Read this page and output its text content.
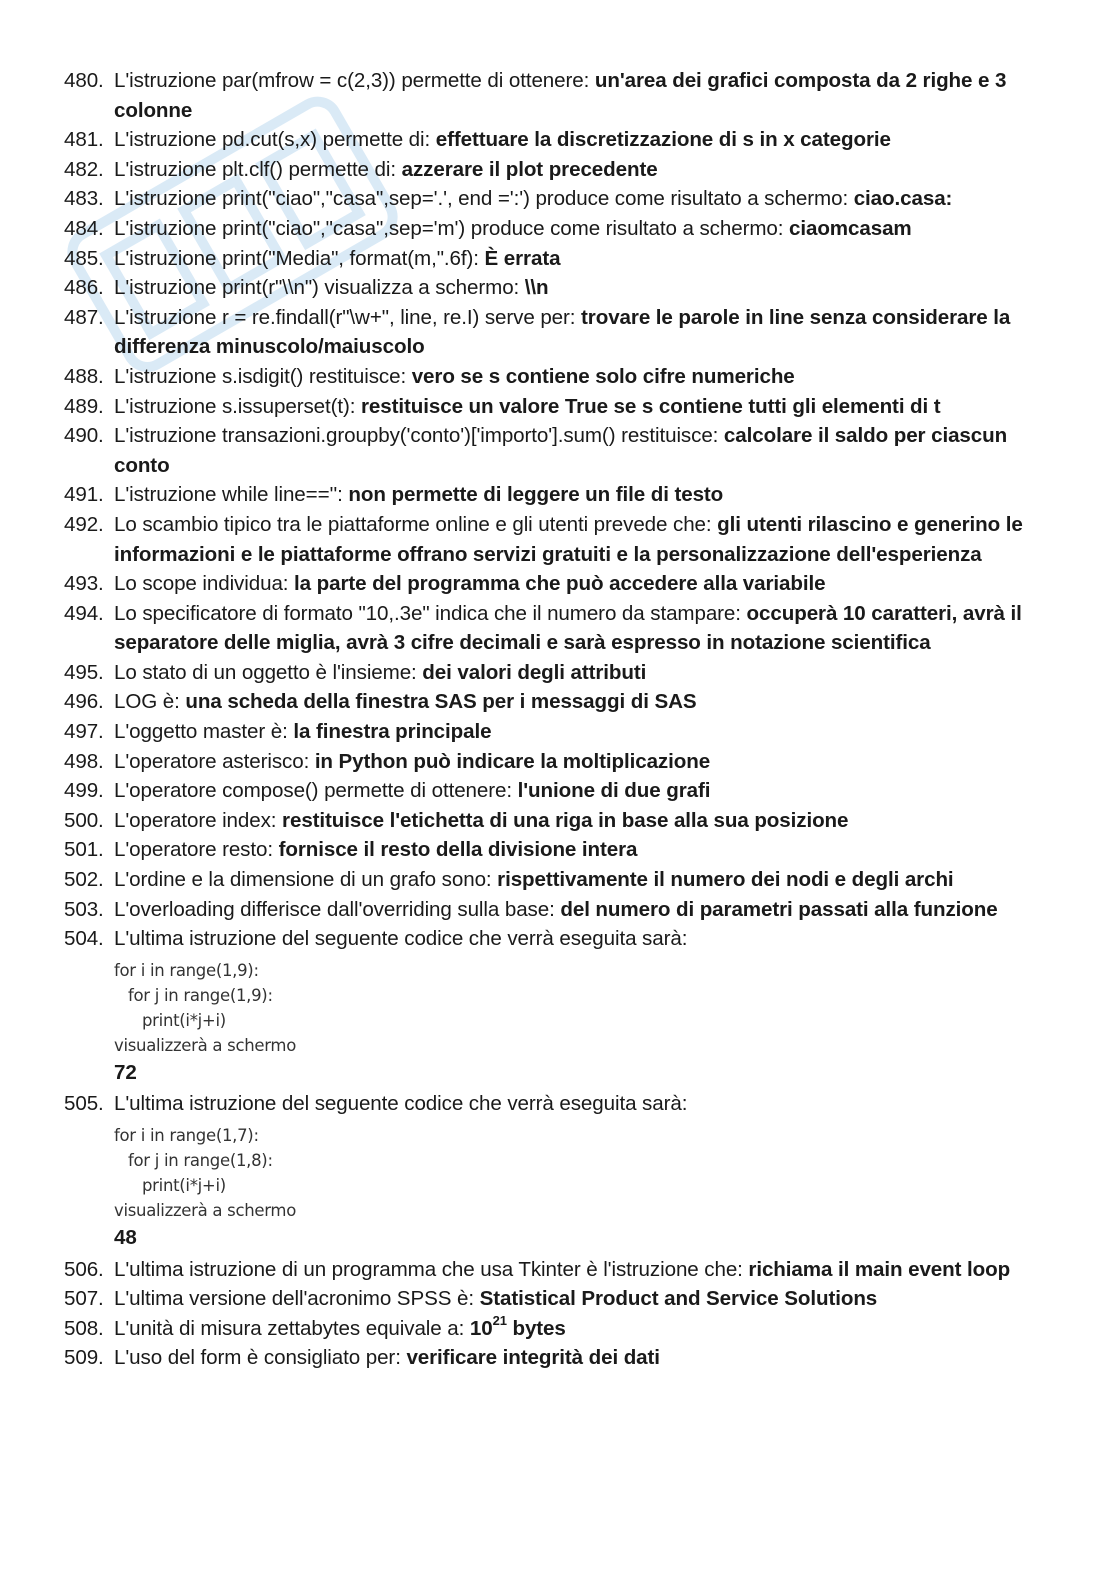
480. L'istruzione par(mfrow = c(2,3)) permette di ottenere: un'area dei grafici composta da 2 righe e 3 colonne
481. L'istruzione pd.cut(s,x) permette di: effettuare la discretizzazione di s in x categorie
482. L'istruzione plt.clf() permette di: azzerare il plot precedente
483. L'istruzione print("ciao","casa",sep='.', end =':') produce come risultato a schermo: ciao.casa:
484. L'istruzione print("ciao","casa",sep='m') produce come risultato a schermo: ciaomcasam
485. L'istruzione print("Media", format(m,".6f): È errata
486. L'istruzione print(r"\\n") visualizza a schermo: \\n
487. L'istruzione r = re.findall(r"\w+", line, re.I) serve per: trovare le parole in line senza considerare la differenza minuscolo/maiuscolo
488. L'istruzione s.isdigit() restituisce: vero se s contiene solo cifre numeriche
489. L'istruzione s.issuperset(t): restituisce un valore True se s contiene tutti gli elementi di t
490. L'istruzione transazioni.groupby('conto')['importo'].sum() restituisce: calcolare il saldo per ciascun conto
491. L'istruzione while line=='': non permette di leggere un file di testo
492. Lo scambio tipico tra le piattaforme online e gli utenti prevede che: gli utenti rilascino e generino le informazioni e le piattaforme offrano servizi gratuiti e la personalizzazione dell'esperienza
493. Lo scope individua: la parte del programma che può accedere alla variabile
494. Lo specificatore di formato "10,.3e" indica che il numero da stampare: occuperà 10 caratteri, avrà il separatore delle miglia, avrà 3 cifre decimali e sarà espresso in notazione scientifica
495. Lo stato di un oggetto è l'insieme: dei valori degli attributi
496. LOG è: una scheda della finestra SAS per i messaggi di SAS
497. L'oggetto master è: la finestra principale
498. L'operatore asterisco: in Python può indicare la moltiplicazione
499. L'operatore compose() permette di ottenere: l'unione di due grafi
500. L'operatore index: restituisce l'etichetta di una riga in base alla sua posizione
501. L'operatore resto: fornisce il resto della divisione intera
502. L'ordine e la dimensione di un grafo sono: rispettivamente il numero dei nodi e degli archi
503. L'overloading differisce dall'overriding sulla base: del numero di parametri passati alla funzione
504. L'ultima istruzione del seguente codice che verrà eseguita sarà:
for i in range(1,9):
for j in range(1,9):
print(i*j+i)
visualizzerà a schermo
72
505. L'ultima istruzione del seguente codice che verrà eseguita sarà:
for i in range(1,7):
for j in range(1,8):
print(i*j+i)
visualizzerà a schermo
48
506. L'ultima istruzione di un programma che usa Tkinter è l'istruzione che: richiama il main event loop
507. L'ultima versione dell'acronimo SPSS è: Statistical Product and Service Solutions
508. L'unità di misura zettabytes equivale a: $10^{21}$ bytes
509. L'uso del form è consigliato per: verificare integrità dei dati
